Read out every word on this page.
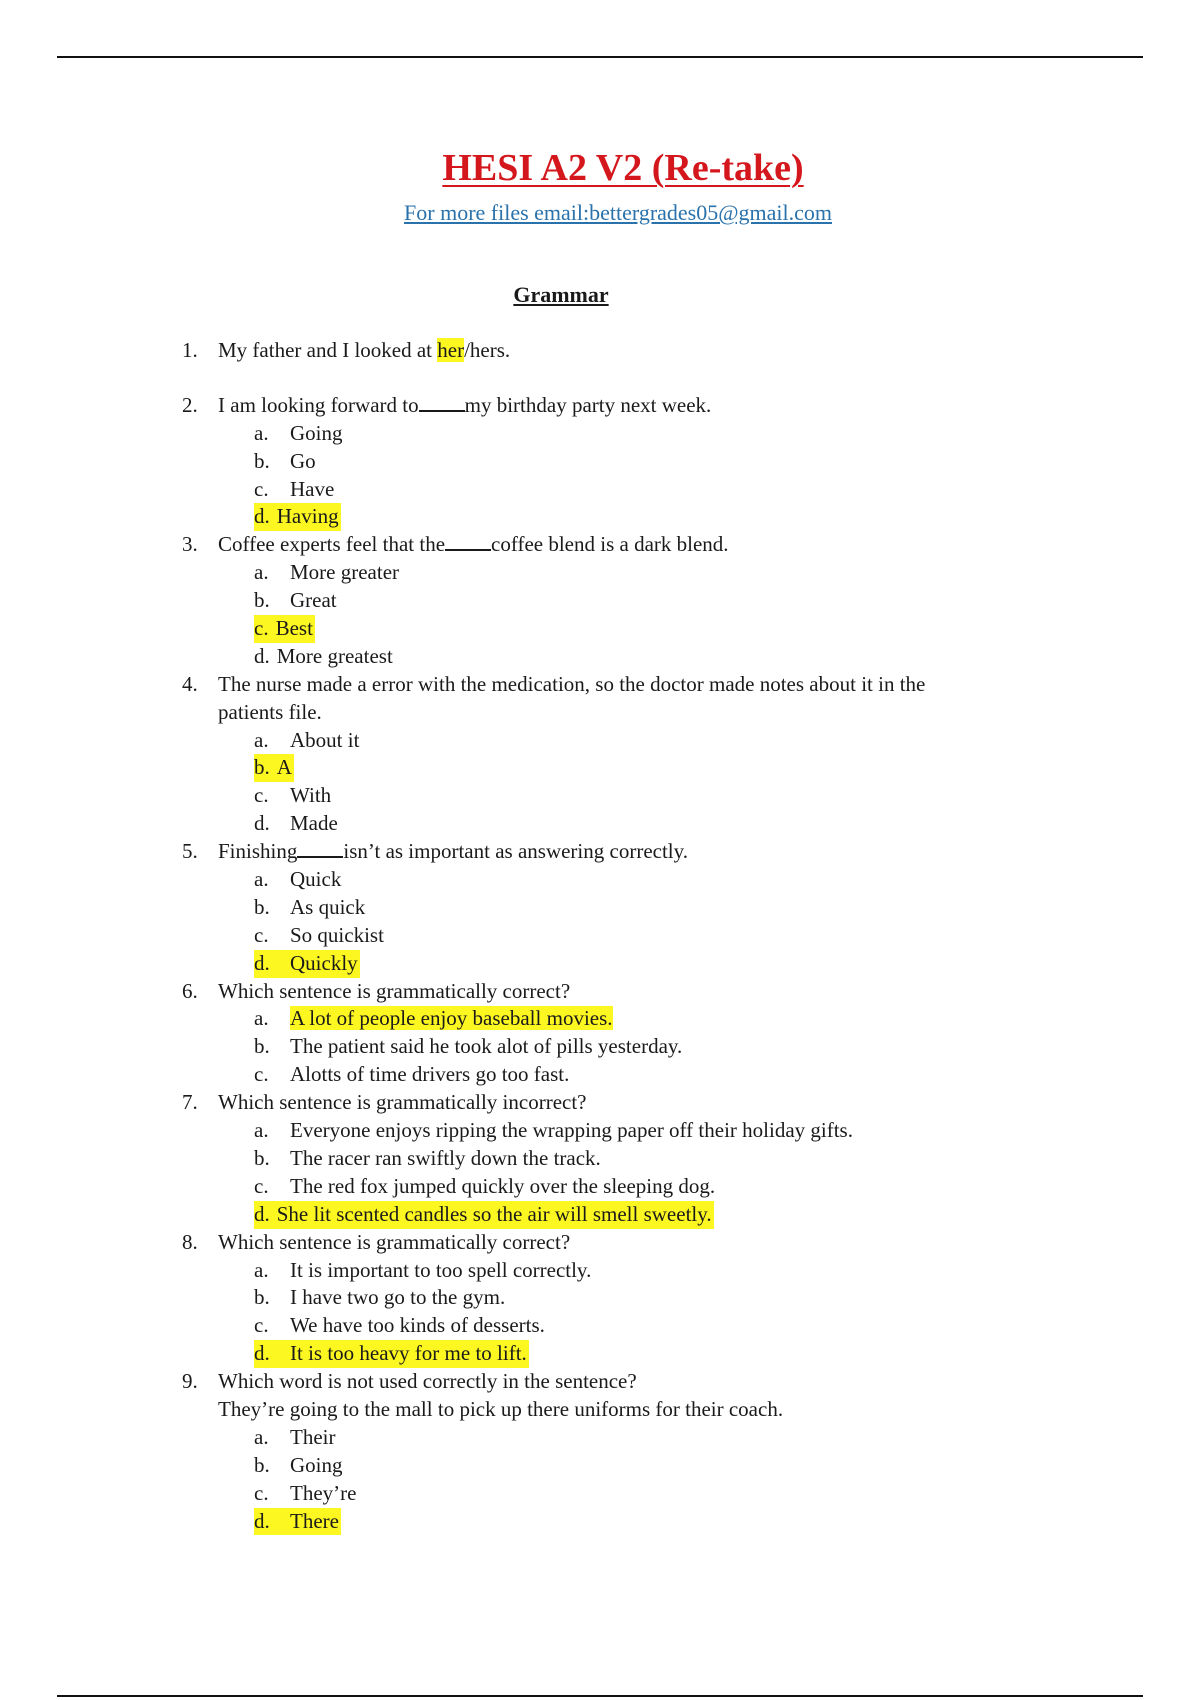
HESI A2 V2 (Re-take)
For more files email:bettergrades05@gmail.com
Grammar
1. My father and I looked at her/hers.
2. I am looking forward to my birthday party next week.
a. Going
b. Go
c. Have
d. Having
3. Coffee experts feel that the coffee blend is a dark blend.
a. More greater
b. Great
c. Best
d. More greatest
4. The nurse made a error with the medication, so the doctor made notes about it in the
patients file.
a. About it
b. A
c. With
d. Made
5. Finishing isn’t as important as answering correctly.
a. Quick
b. As quick
c. So quickist
d. Quickly
6. Which sentence is grammatically correct?
a. A lot of people enjoy baseball movies.
b. The patient said he took alot of pills yesterday.
c. Alotts of time drivers go too fast.
7. Which sentence is grammatically incorrect?
a. Everyone enjoys ripping the wrapping paper off their holiday gifts.
b. The racer ran swiftly down the track.
c. The red fox jumped quickly over the sleeping dog.
d. She lit scented candles so the air will smell sweetly.
8. Which sentence is grammatically correct?
a. It is important to too spell correctly.
b. I have two go to the gym.
c. We have too kinds of desserts.
d. It is too heavy for me to lift.
9. Which word is not used correctly in the sentence?
They’re going to the mall to pick up there uniforms for their coach.
a. Their
b. Going
c. They’re
d. There
